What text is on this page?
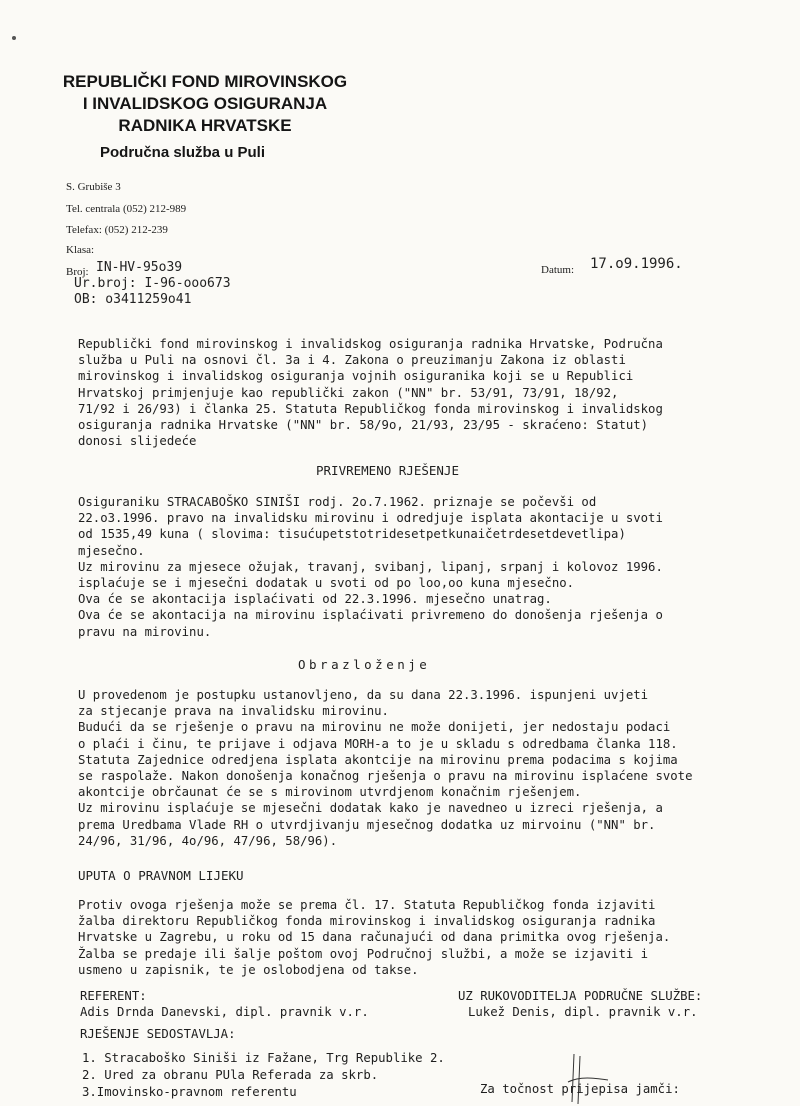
REPUBLIČKI FOND MIROVINSKOG
I INVALIDSKOG OSIGURANJA
RADNIKA HRVATSKE
Područna služba u Puli
S. Grubiše 3
Tel. centrala (052) 212-989
Telefax: (052) 212-239
Klasa:
Broj: IN-HV-95o39
Ur.broj: I-96-ooo673
OB: o3411259o41
Datum: 17.o9.1996.
Republički fond mirovinskog i invalidskog osiguranja radnika Hrvatske, Područna
služba u Puli na osnovi čl. 3a i 4. Zakona o preuzimanju Zakona iz oblasti
mirovinskog i invalidskog osiguranja vojnih osiguranika koji se u Republici
Hrvatskoj primjenjuje kao republički zakon ("NN" br. 53/91, 73/91, 18/92,
71/92 i 26/93) i članka 25. Statuta Republičkog fonda mirovinskog i invalidskog
osiguranja radnika Hrvatske ("NN" br. 58/9o, 21/93, 23/95 - skraćeno: Statut)
donosi slijedeće
PRIVREMENO RJEŠENJE
Osiguraniku STRACABOŠKO SINIŠI rodj. 2o.7.1962. priznaje se počevši od
22.o3.1996. pravo na invalidsku mirovinu i odredjuje isplata akontacije u svoti
od 1535,49 kuna ( slovima: tisućupetstotridesetpetkunaičetrdesetdevetlipa)
mjesečno.
Uz mirovinu za mjesece ožujak, travanj, svibanj, lipanj, srpanj i kolovoz 1996.
isplaćuje se i mjesečni dodatak u svoti od po loo,oo kuna mjesečno.
Ova će se akontacija isplaćivati od 22.3.1996. mjesečno unatrag.
Ova će se akontacija na mirovinu isplaćivati privremeno do donošenja rješenja o
pravu na mirovinu.
Obrazloženje
U provedenom je postupku ustanovljeno, da su dana 22.3.1996. ispunjeni uvjeti
za stjecanje prava na invalidsku mirovinu.
Budući da se rješenje o pravu na mirovinu ne može donijeti, jer nedostaju podaci
o plaći i činu, te prijave i odjava MORH-a to je u skladu s odredbama članka 118.
Statuta Zajednice odredjena isplata akontcije na mirovinu prema podacima s kojima
se raspolaže. Nakon donošenja konačnog rješenja o pravu na mirovinu isplaćene svote
akontcije obrčaunat će se s mirovinom utvrdjenom konačnim rješenjem.
Uz mirovinu isplaćuje se mjesečni dodatak kako je navedneo u izreci rješenja, a
prema Uredbama Vlade RH o utvrdjivanju mjesečnog dodatka uz mirvoinu ("NN" br.
24/96, 31/96, 4o/96, 47/96, 58/96).
UPUTA O PRAVNOM LIJEKU
Protiv ovoga rješenja može se prema čl. 17. Statuta Republičkog fonda izjaviti
žalba direktoru Republičkog fonda mirovinskog i invalidskog osiguranja radnika
Hrvatske u Zagrebu, u roku od 15 dana računajući od dana primitka ovog rješenja.
Žalba se predaje ili šalje poštom ovoj Područnoj službi, a može se izjaviti i
usmeno u zapisnik, te je oslobodjena od takse.
REFERENT:
Adis Drnda Danevski, dipl. pravnik v.r.
UZ RUKOVODITELJA PODRUČNE SLUŽBE:
Lukež Denis, dipl. pravnik v.r.
RJEŠENJE SEDOSTAVLJA:
1. Stracaboško Siniši iz Fažane, Trg Republike 2.
2. Ured za obranu PUla Referada za skrb.
3.Imovinsko-pravnom referentu	Za točnost prijepisa jamči:
